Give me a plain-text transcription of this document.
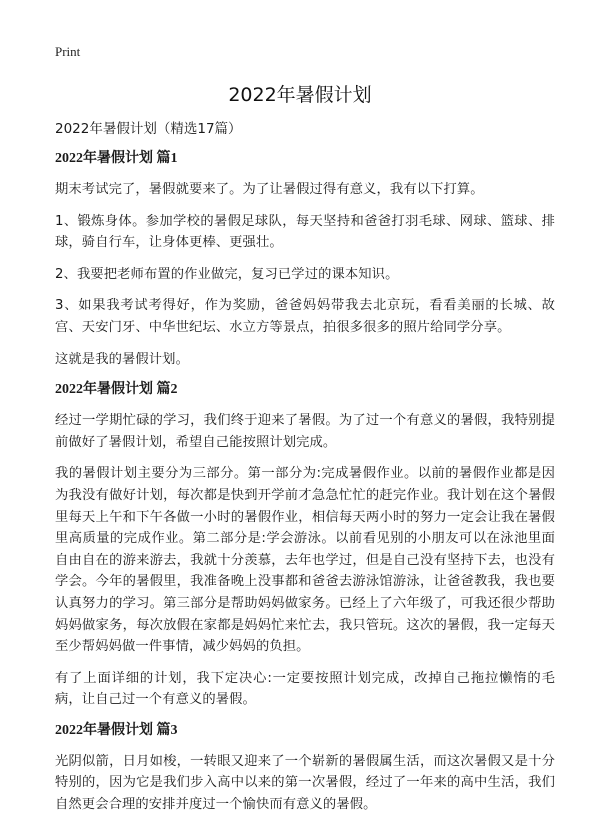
Print
2022年暑假计划

2022年暑假计划（精选17篇）

2022年暑假计划 篇1

期末考试完了，暑假就要来了。为了让暑假过得有意义，我有以下打算。

1、锻炼身体。参加学校的暑假足球队，每天坚持和爸爸打羽毛球、网球、篮球、排球，骑自行车，让身体更棒、更强壮。

2、我要把老师布置的作业做完，复习已学过的课本知识。

3、如果我考试考得好，作为奖励，爸爸妈妈带我去北京玩，看看美丽的长城、故宫、天安门牙、中华世纪坛、水立方等景点，拍很多很多的照片给同学分享。

这就是我的暑假计划。

2022年暑假计划 篇2

经过一学期忙碌的学习，我们终于迎来了暑假。为了过一个有意义的暑假，我特别提前做好了暑假计划，希望自己能按照计划完成。

我的暑假计划主要分为三部分。第一部分为:完成暑假作业。以前的暑假作业都是因为我没有做好计划，每次都是快到开学前才急急忙忙的赶完作业。我计划在这个暑假里每天上午和下午各做一小时的暑假作业，相信每天两小时的努力一定会让我在暑假里高质量的完成作业。第二部分是:学会游泳。以前看见别的小朋友可以在泳池里面自由自在的游来游去，我就十分羡慕，去年也学过，但是自己没有坚持下去，也没有学会。今年的暑假里，我准备晚上没事都和爸爸去游泳馆游泳，让爸爸教我，我也要认真努力的学习。第三部分是帮助妈妈做家务。已经上了六年级了，可我还很少帮助妈妈做家务，每次放假在家都是妈妈忙来忙去，我只管玩。这次的暑假，我一定每天至少帮妈妈做一件事情，减少妈妈的负担。

有了上面详细的计划，我下定决心:一定要按照计划完成，改掉自己拖拉懒惰的毛病，让自己过一个有意义的暑假。

2022年暑假计划 篇3

光阴似箭，日月如梭，一转眼又迎来了一个崭新的暑假属生活，而这次暑假又是十分特别的，因为它是我们步入高中以来的第一次暑假，经过了一年来的高中生活，我们自然更会合理的安排并度过一个愉快而有意义的暑假。
